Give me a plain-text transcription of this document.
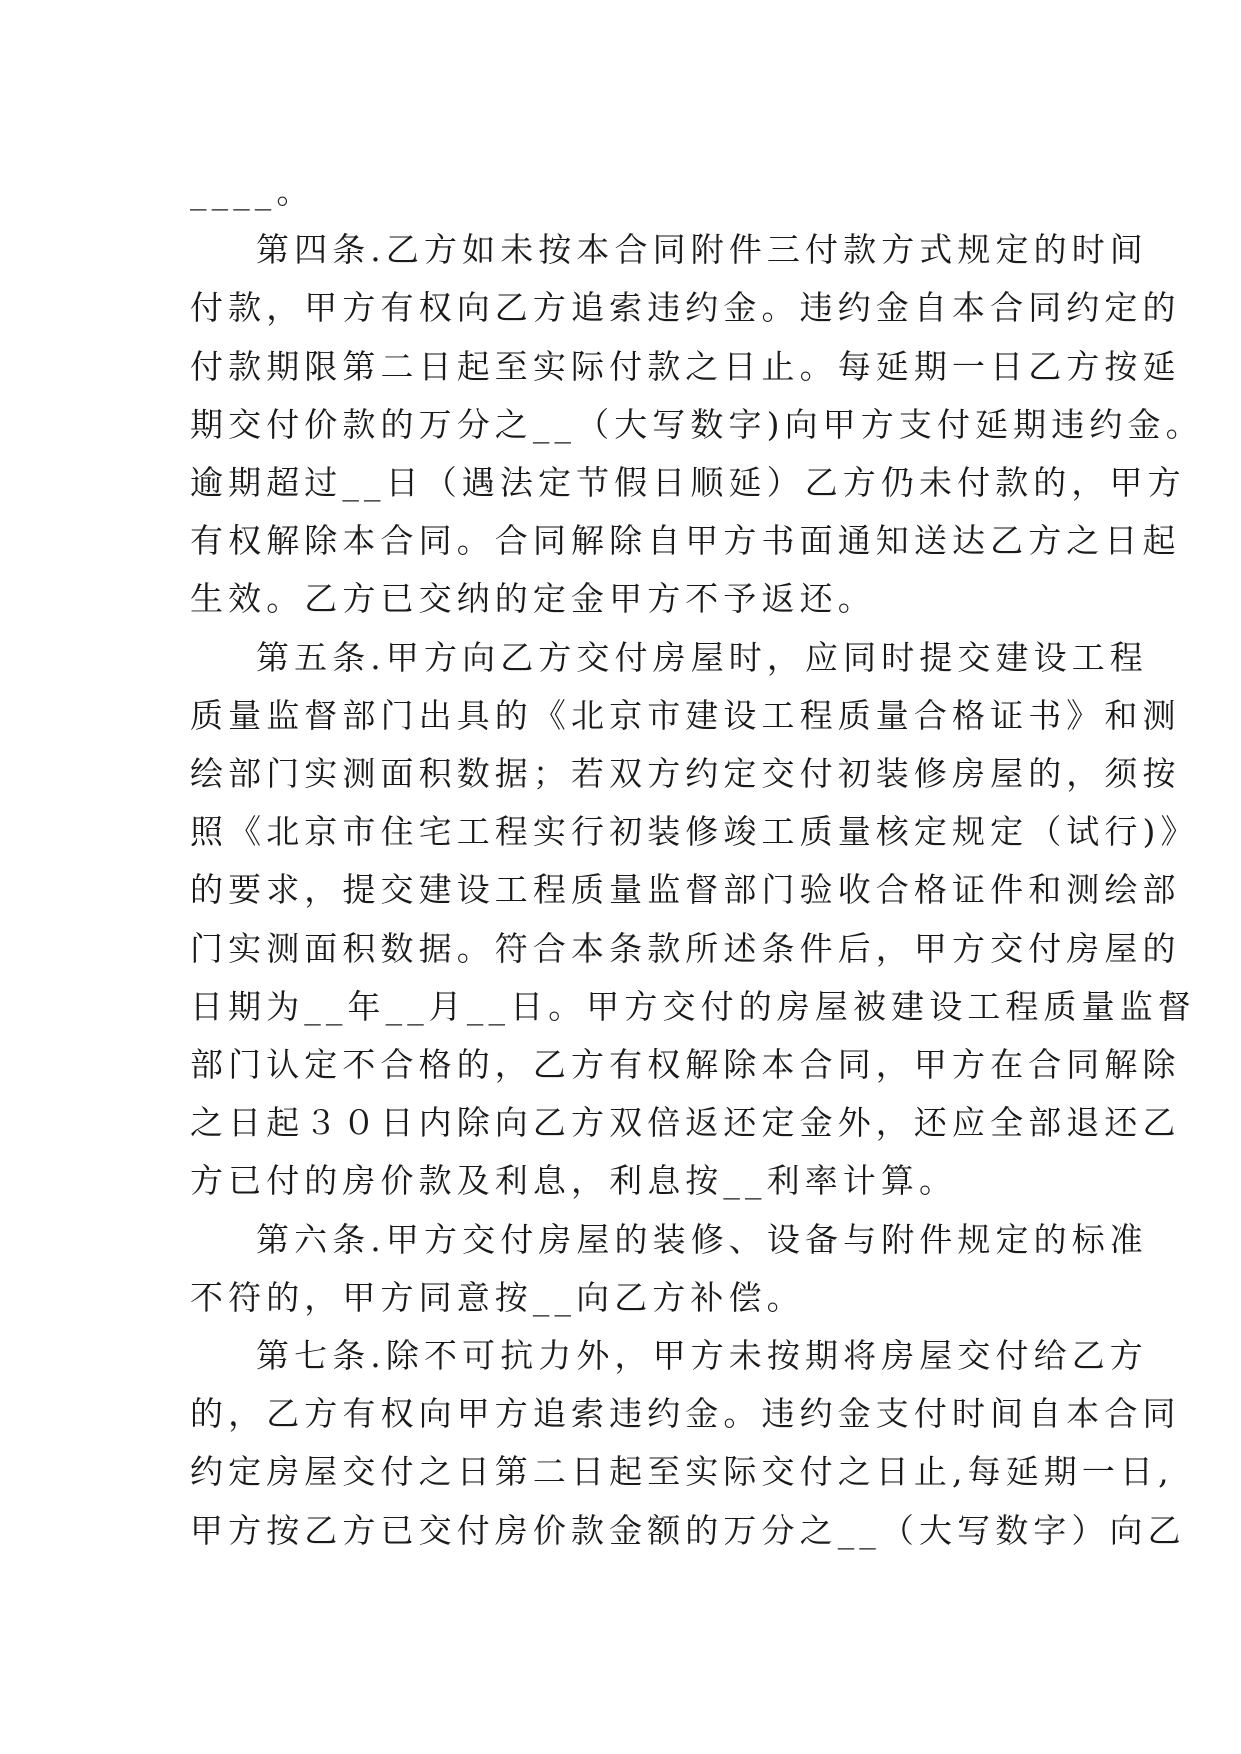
____。
第四条.乙方如未按本合同附件三付款方式规定的时间
付款，甲方有权向乙方追索违约金。违约金自本合同约定的
付款期限第二日起至实际付款之日止。每延期一日乙方按延
期交付价款的万分之__（大写数字)向甲方支付延期违约金。
逾期超过__日（遇法定节假日顺延）乙方仍未付款的，甲方
有权解除本合同。合同解除自甲方书面通知送达乙方之日起
生效。乙方已交纳的定金甲方不予返还。
第五条.甲方向乙方交付房屋时，应同时提交建设工程
质量监督部门出具的《北京市建设工程质量合格证书》和测
绘部门实测面积数据；若双方约定交付初装修房屋的，须按
照《北京市住宅工程实行初装修竣工质量核定规定（试行)》
的要求，提交建设工程质量监督部门验收合格证件和测绘部
门实测面积数据。符合本条款所述条件后，甲方交付房屋的
日期为__年__月__日。甲方交付的房屋被建设工程质量监督
部门认定不合格的，乙方有权解除本合同，甲方在合同解除
之日起３０日内除向乙方双倍返还定金外，还应全部退还乙
方已付的房价款及利息，利息按__利率计算。
第六条.甲方交付房屋的装修、设备与附件规定的标准
不符的，甲方同意按__向乙方补偿。
第七条.除不可抗力外，甲方未按期将房屋交付给乙方
的，乙方有权向甲方追索违约金。违约金支付时间自本合同
约定房屋交付之日第二日起至实际交付之日止,每延期一日,
甲方按乙方已交付房价款金额的万分之__（大写数字）向乙
